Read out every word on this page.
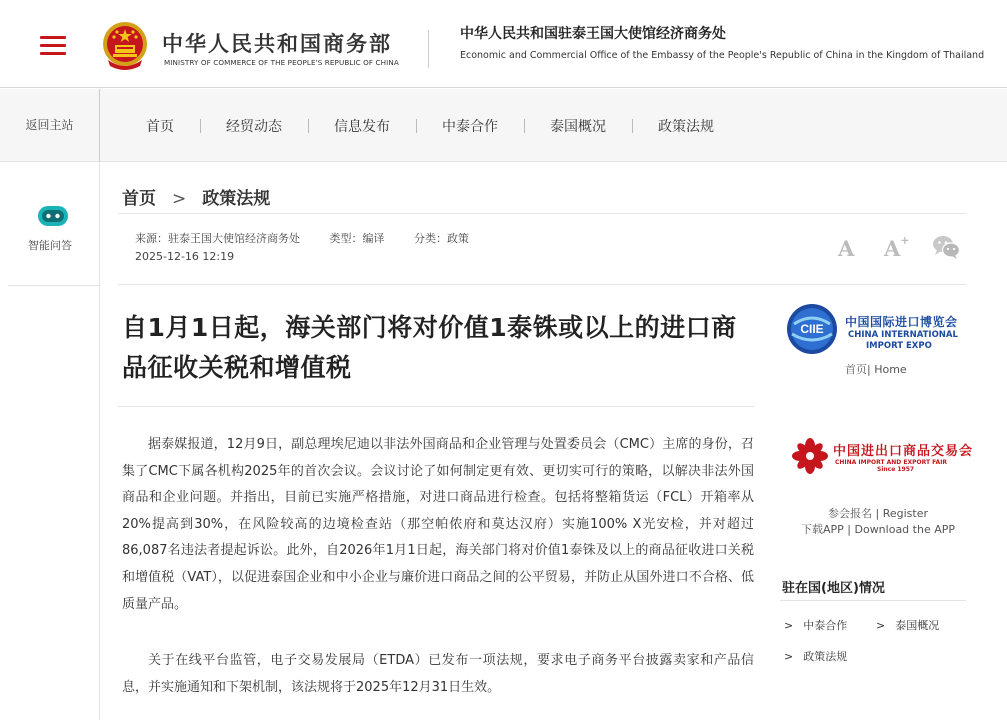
中华人民共和国商务部
MINISTRY OF COMMERCE OF THE PEOPLE'S REPUBLIC OF CHINA
中华人民共和国驻泰王国大使馆经济商务处
Economic and Commercial Office of the Embassy of the People's Republic of China in the Kingdom of Thailand
返回主站	首页	经贸动态	信息发布	中泰合作	泰国概况	政策法规
智能问答
首页 > 政策法规
来源：驻泰王国大使馆经济商务处	类型：编译	分类：政策
2025-12-16 12:19	A A+
自1月1日起，海关部门将对价值1泰铢或以上的进口商品征收关税和增值税

据泰媒报道，12月9日，副总理埃尼迪以非法外国商品和企业管理与处置委员会（CMC）主席的身份，召集了CMC下属各机构2025年的首次会议。会议讨论了如何制定更有效、更切实可行的策略，以解决非法外国商品和企业问题。并指出，目前已实施严格措施，对进口商品进行检查。包括将整箱货运（FCL）开箱率从20%提高到30%，在风险较高的边境检查站（那空帕侬府和莫达汉府）实施100% X光安检，并对超过86,087名违法者提起诉讼。此外，自2026年1月1日起，海关部门将对价值1泰铢及以上的商品征收进口关税和增值税（VAT），以促进泰国企业和中小企业与廉价进口商品之间的公平贸易，并防止从国外进口不合格、低质量产品。

关于在线平台监管，电子交易发展局（ETDA）已发布一项法规，要求电子商务平台披露卖家和产品信息，并实施通知和下架机制，该法规将于2025年12月31日生效。

CIIE 中国国际进口博览会
CHINA INTERNATIONAL
IMPORT EXPO
首页| Home
中国进出口商品交易会
CHINA IMPORT AND EXPORT FAIR
Since 1957
参会报名 | Register
下载APP | Download the APP
驻在国(地区)情况
> 中泰合作	> 泰国概况
> 政策法规
